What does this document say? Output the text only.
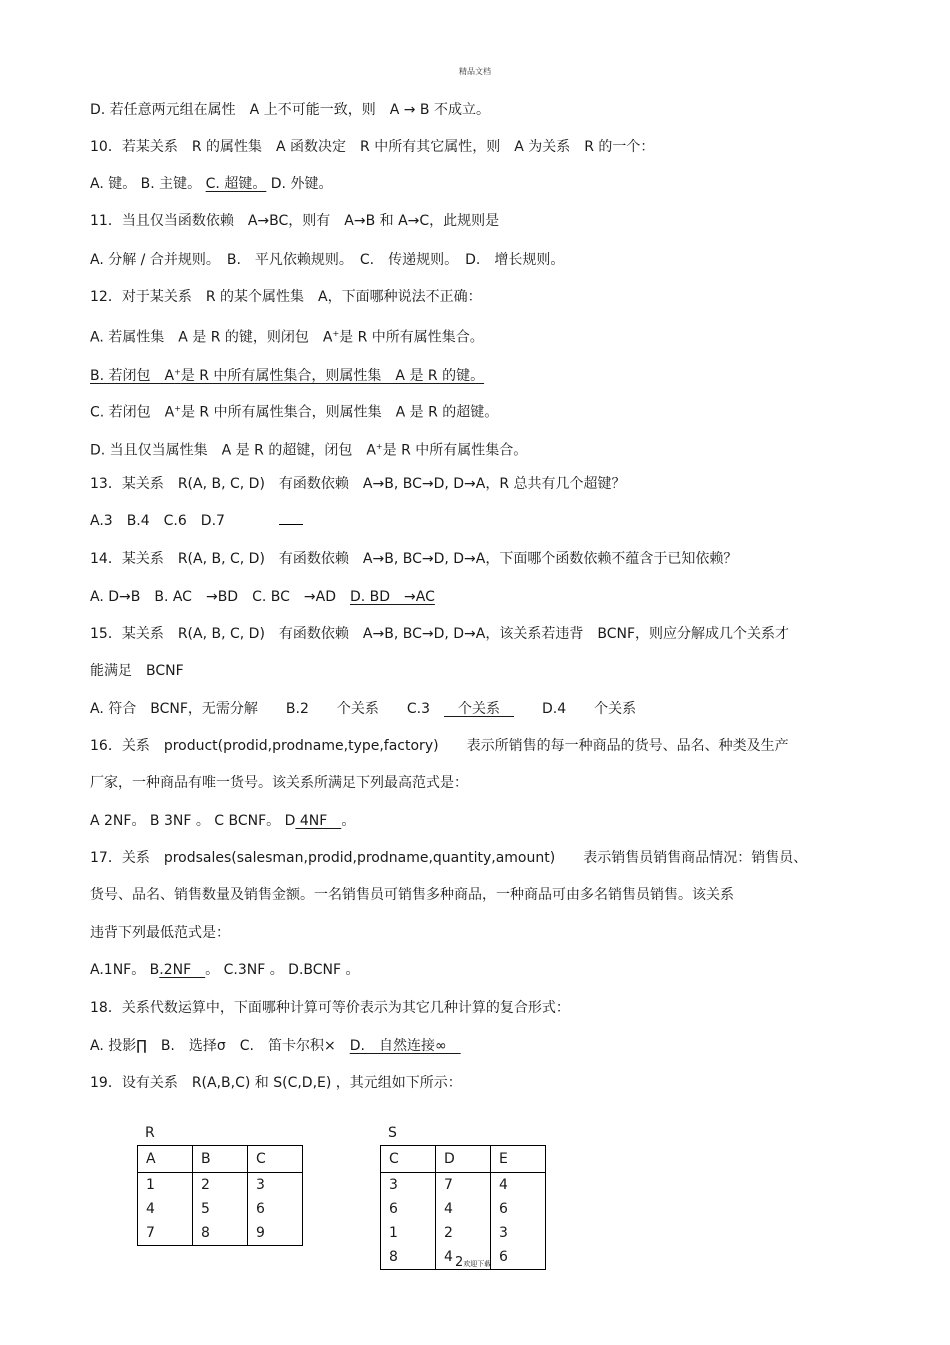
精品文档
D. 若任意两元组在属性　A 上不可能一致，则　A → B 不成立。
10．若某关系　R 的属性集　A 函数决定　R 中所有其它属性，则　A 为关系　R 的一个：
A. 键。 B. 主键。 C. 超键。 D. 外键。
11．当且仅当函数依赖　A→BC，则有　A→B 和 A→C，此规则是
A. 分解 / 合并规则。　B.　平凡依赖规则。　C.　传递规则。　D.　增长规则。
12．对于某关系　R 的某个属性集　A，下面哪种说法不正确：
A. 若属性集　A 是 R 的键，则闭包　A+是 R 中所有属性集合。
B. 若闭包　A+是 R 中所有属性集合，则属性集　A 是 R 的键。
C. 若闭包　A+是 R 中所有属性集合，则属性集　A 是 R 的超键。
D. 当且仅当属性集　A 是 R 的超键，闭包　A+是 R 中所有属性集合。
13．某关系　R(A, B, C, D)　有函数依赖　A→B, BC→D, D→A，R 总共有几个超键？
A.3　B.4　C.6　D.7
14．某关系　R(A, B, C, D)　有函数依赖　A→B, BC→D, D→A，下面哪个函数依赖不蕴含于已知依赖？
A. D→B　B. AC　→BD　C. BC　→AD　D. BD　→AC
15．某关系　R(A, B, C, D)　有函数依赖　A→B, BC→D, D→A，该关系若违背　BCNF，则应分解成几个关系才
能满足　BCNF
A. 符合　BCNF，无需分解　　B.2　　个关系　　C.3　　个关系　　　D.4　　个关系
16．关系　product(prodid,prodname,type,factory)　　表示所销售的每一种商品的货号、品名、种类及生产
厂家，一种商品有唯一货号。该关系所满足下列最高范式是：
A 2NF。 B 3NF 。 C BCNF。 D 4NF　。
17．关系　prodsales(salesman,prodid,prodname,quantity,amount)　　表示销售员销售商品情况：销售员、
货号、品名、销售数量及销售金额。一名销售员可销售多种商品，一种商品可由多名销售员销售。该关系
违背下列最低范式是：
A.1NF。 B.2NF　。 C.3NF 。 D.BCNF 。
18．关系代数运算中，下面哪种计算可等价表示为其它几种计算的复合形式：
A. 投影∏　B.　选择σ　C.　笛卡尔积×　D.　自然连接∞　
19．设有关系　R(A,B,C) 和 S(C,D,E) ，其元组如下所示：
R
A	B	C
1	2	3
4	5	6
7	8	9
S
C	D	E
3	7	4
6	4	6
1	2	3
8	4	6
2欢迎下载
